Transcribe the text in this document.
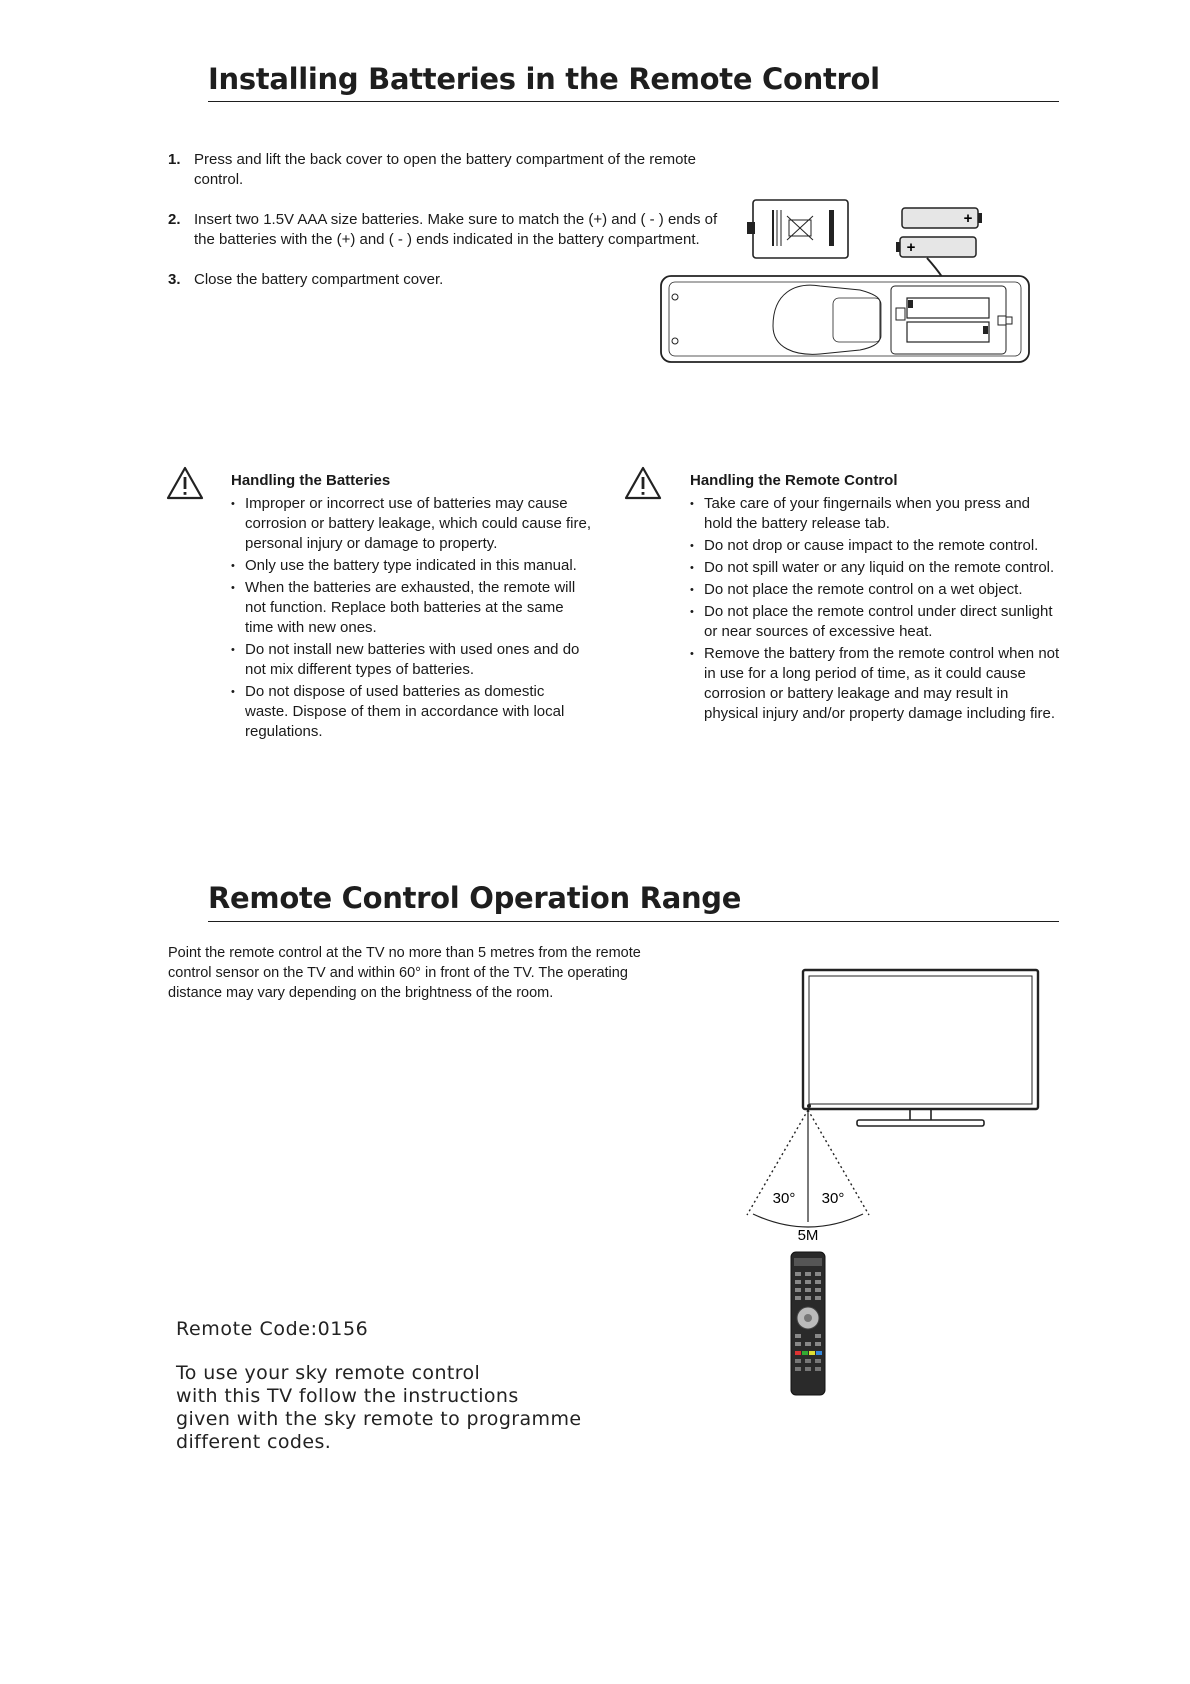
Installing Batteries in the Remote Control
1. Press and lift the back cover to open the battery compartment of the remote control.
2. Insert two 1.5V AAA size batteries. Make sure to match the (+) and ( - ) ends of the batteries with the (+) and ( - ) ends indicated in the battery compartment.
3. Close the battery compartment cover.
+
+
Handling the Batteries
• Improper or incorrect use of batteries may cause corrosion or battery leakage, which could cause fire, personal injury or damage to property.
• Only use the battery type indicated in this manual.
• When the batteries are exhausted, the remote will not function. Replace both batteries at the same time with new ones.
• Do not install new batteries with used ones and do not mix different types of batteries.
• Do not dispose of used batteries as domestic waste. Dispose of them in accordance with local regulations.
Handling the Remote Control
• Take care of your fingernails when you press and hold the battery release tab.
• Do not drop or cause impact to the remote control.
• Do not spill water or any liquid on the remote control.
• Do not place the remote control on a wet object.
• Do not place the remote control under direct sunlight or near sources of excessive heat.
• Remove the battery from the remote control when not in use for a long period of time, as it could cause corrosion or battery leakage and may result in physical injury and/or property damage including fire.
Remote Control Operation Range

Point the remote control at the TV no more than 5 metres from the remote control sensor on the TV and within 60° in front of the TV. The operating distance may vary depending on the brightness of the room.

30° 30°
5M

Remote Code:0156

To use your sky remote control
with this TV follow the instructions
given with the sky remote to programme
different codes.
